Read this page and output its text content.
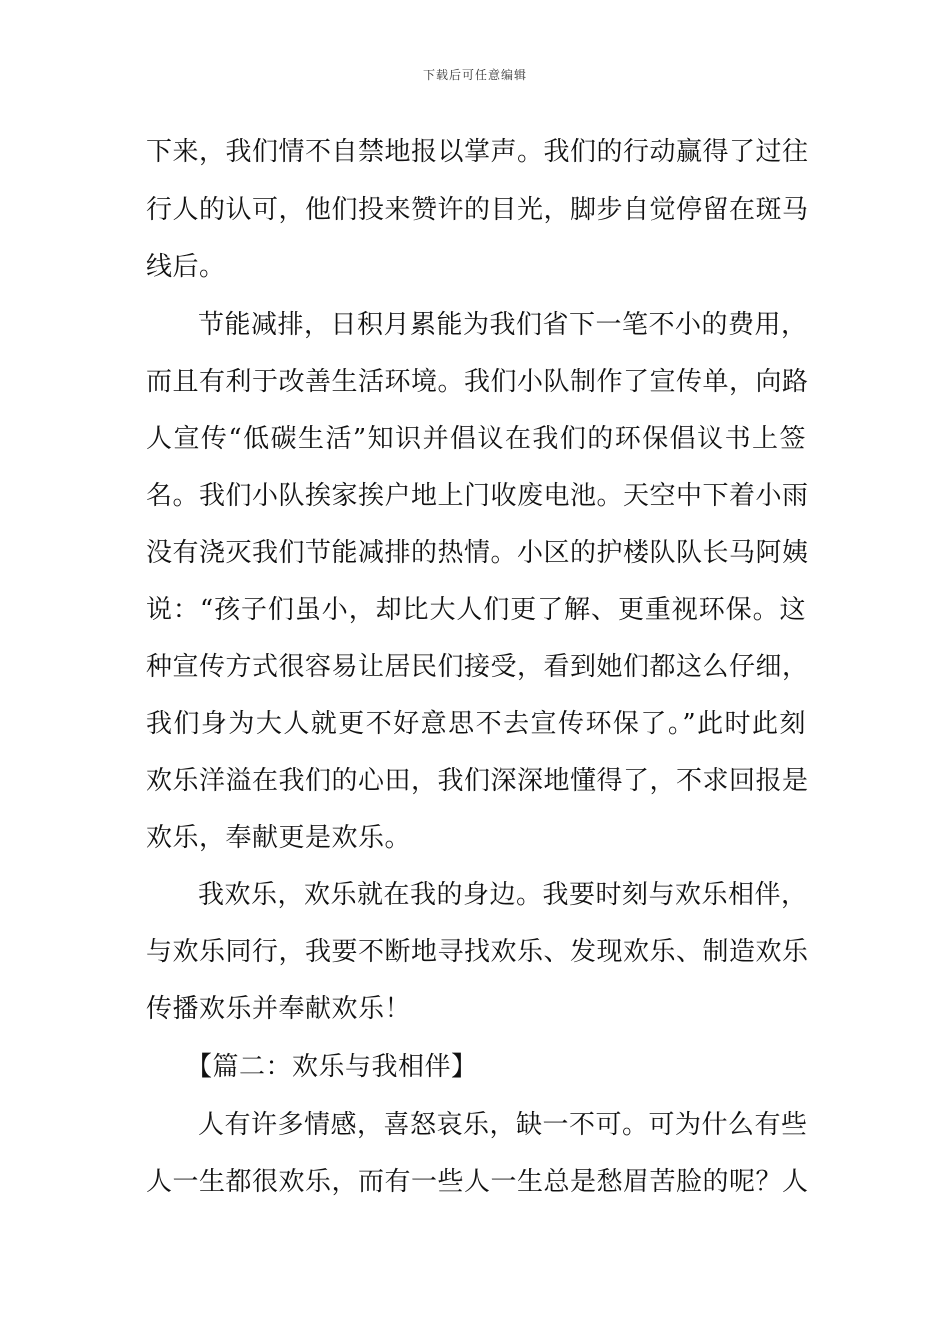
下载后可任意编辑
下来，我们情不自禁地报以掌声。我们的行动赢得了过往
行人的认可，他们投来赞许的目光，脚步自觉停留在斑马
线后。
节能减排，日积月累能为我们省下一笔不小的费用，
而且有利于改善生活环境。我们小队制作了宣传单，向路
人宣传“低碳生活”知识并倡议在我们的环保倡议书上签
名。我们小队挨家挨户地上门收废电池。天空中下着小雨
没有浇灭我们节能减排的热情。小区的护楼队队长马阿姨
说：“孩子们虽小，却比大人们更了解、更重视环保。这
种宣传方式很容易让居民们接受，看到她们都这么仔细，
我们身为大人就更不好意思不去宣传环保了。”此时此刻
欢乐洋溢在我们的心田，我们深深地懂得了，不求回报是
欢乐，奉献更是欢乐。
我欢乐，欢乐就在我的身边。我要时刻与欢乐相伴，
与欢乐同行，我要不断地寻找欢乐、发现欢乐、制造欢乐
传播欢乐并奉献欢乐！
【篇二：欢乐与我相伴】
人有许多情感，喜怒哀乐，缺一不可。可为什么有些
人一生都很欢乐，而有一些人一生总是愁眉苦脸的呢？人
